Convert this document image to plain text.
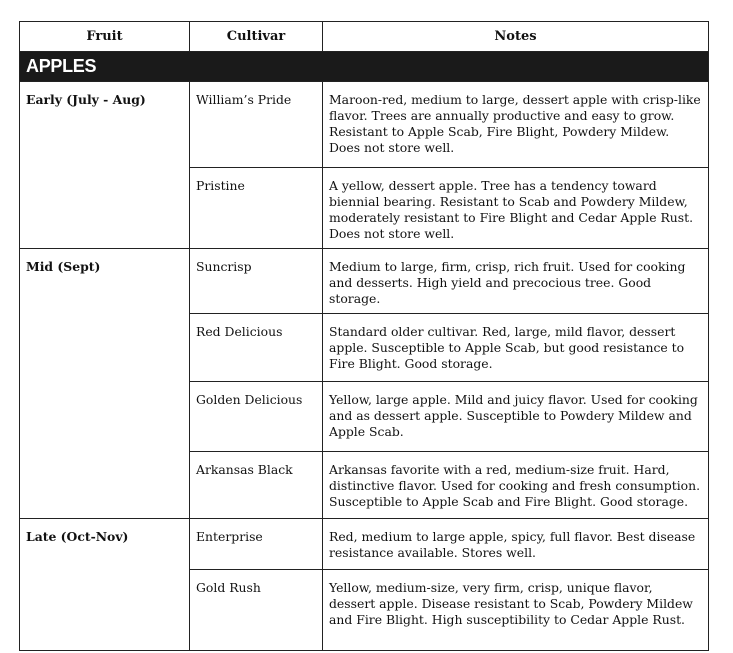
Fruit	Cultivar	Notes
APPLES		
Early (July - Aug)	William’s Pride	Maroon-red, medium to large, dessert apple with crisp-like flavor. Trees are annually productive and easy to grow. Resistant to Apple Scab, Fire Blight, Powdery Mildew. Does not store well.
	Pristine	A yellow, dessert apple. Tree has a tendency toward biennial bearing. Resistant to Scab and Powdery Mildew, moderately resistant to Fire Blight and Cedar Apple Rust. Does not store well.
Mid (Sept)	Suncrisp	Medium to large, firm, crisp, rich fruit. Used for cooking and desserts. High yield and precocious tree. Good storage.
	Red Delicious	Standard older cultivar. Red, large, mild flavor, dessert apple. Susceptible to Apple Scab, but good resistance to Fire Blight. Good storage.
	Golden Delicious	Yellow, large apple. Mild and juicy flavor. Used for cooking and as dessert apple. Susceptible to Powdery Mildew and Apple Scab.
	Arkansas Black	Arkansas favorite with a red, medium-size fruit. Hard, distinctive flavor. Used for cooking and fresh consumption. Susceptible to Apple Scab and Fire Blight. Good storage.
Late (Oct-Nov)	Enterprise	Red, medium to large apple, spicy, full flavor. Best disease resistance available. Stores well.
	Gold Rush	Yellow, medium-size, very firm, crisp, unique flavor, dessert apple. Disease resistant to Scab, Powdery Mildew and Fire Blight. High susceptibility to Cedar Apple Rust.
